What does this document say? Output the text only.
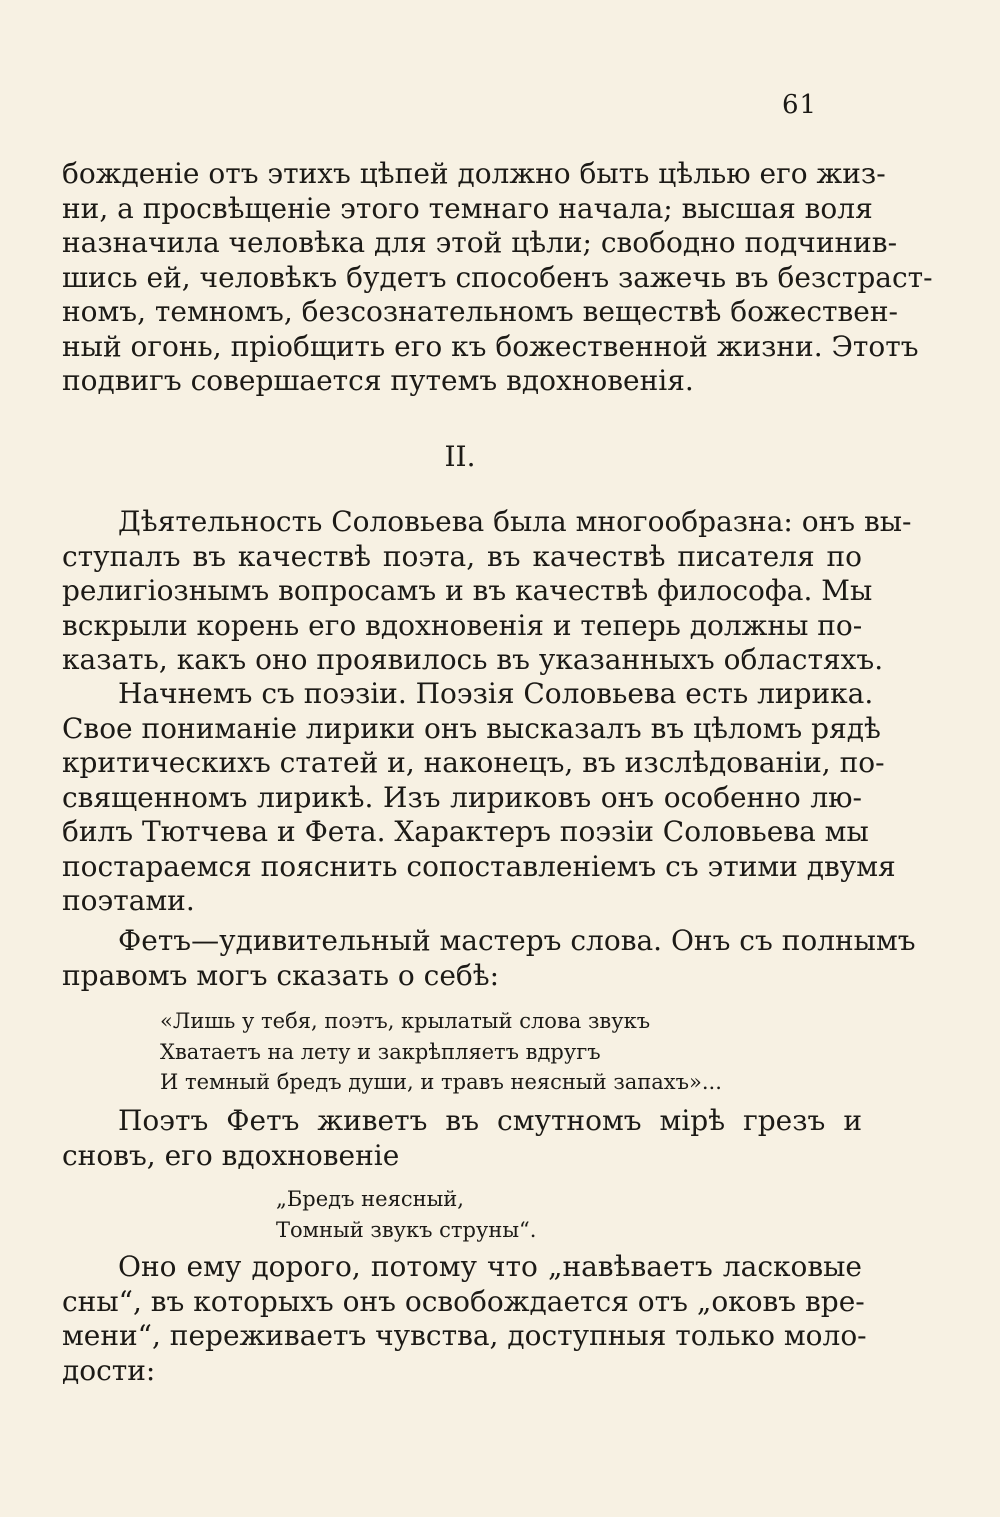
61
божденіе отъ этихъ цѣпей должно быть цѣлью его жиз-
ни, а просвѣщеніе этого темнаго начала; высшая воля
назначила человѣка для этой цѣли; свободно подчинив-
шись ей, человѣкъ будетъ способенъ зажечь въ безстраст-
номъ, темномъ, безсознательномъ веществѣ божествен-
ный огонь, пріобщить его къ божественной жизни. Этотъ
подвигъ совершается путемъ вдохновенія.
II.
Дѣятельность Соловьева была многообразна: онъ вы-
ступалъ въ качествѣ поэта, въ качествѣ писателя по
религіознымъ вопросамъ и въ качествѣ философа. Мы
вскрыли корень его вдохновенія и теперь должны по-
казать, какъ оно проявилось въ указанныхъ областяхъ.
Начнемъ съ поэзіи. Поэзія Соловьева есть лирика.
Свое пониманіе лирики онъ высказалъ въ цѣломъ рядѣ
критическихъ статей и, наконецъ, въ изслѣдованіи, по-
священномъ лирикѣ. Изъ лириковъ онъ особенно лю-
билъ Тютчева и Фета. Характеръ поэзіи Соловьева мы
постараемся пояснить сопоставленіемъ съ этими двумя
поэтами.
Фетъ—удивительный мастеръ слова. Онъ съ полнымъ
правомъ могъ сказать о себѣ:
«Лишь у тебя, поэтъ, крылатый слова звукъ
Хватаетъ на лету и закрѣпляетъ вдругъ
И темный бредъ души, и травъ неясный запахъ»...
Поэтъ Фетъ живетъ въ смутномъ мірѣ грезъ и
сновъ, его вдохновеніе
„Бредъ неясный,
Томный звукъ струны“.
Оно ему дорого, потому что „навѣваетъ ласковые
сны“, въ которыхъ онъ освобождается отъ „оковъ вре-
мени“, переживаетъ чувства, доступныя только моло-
дости:
